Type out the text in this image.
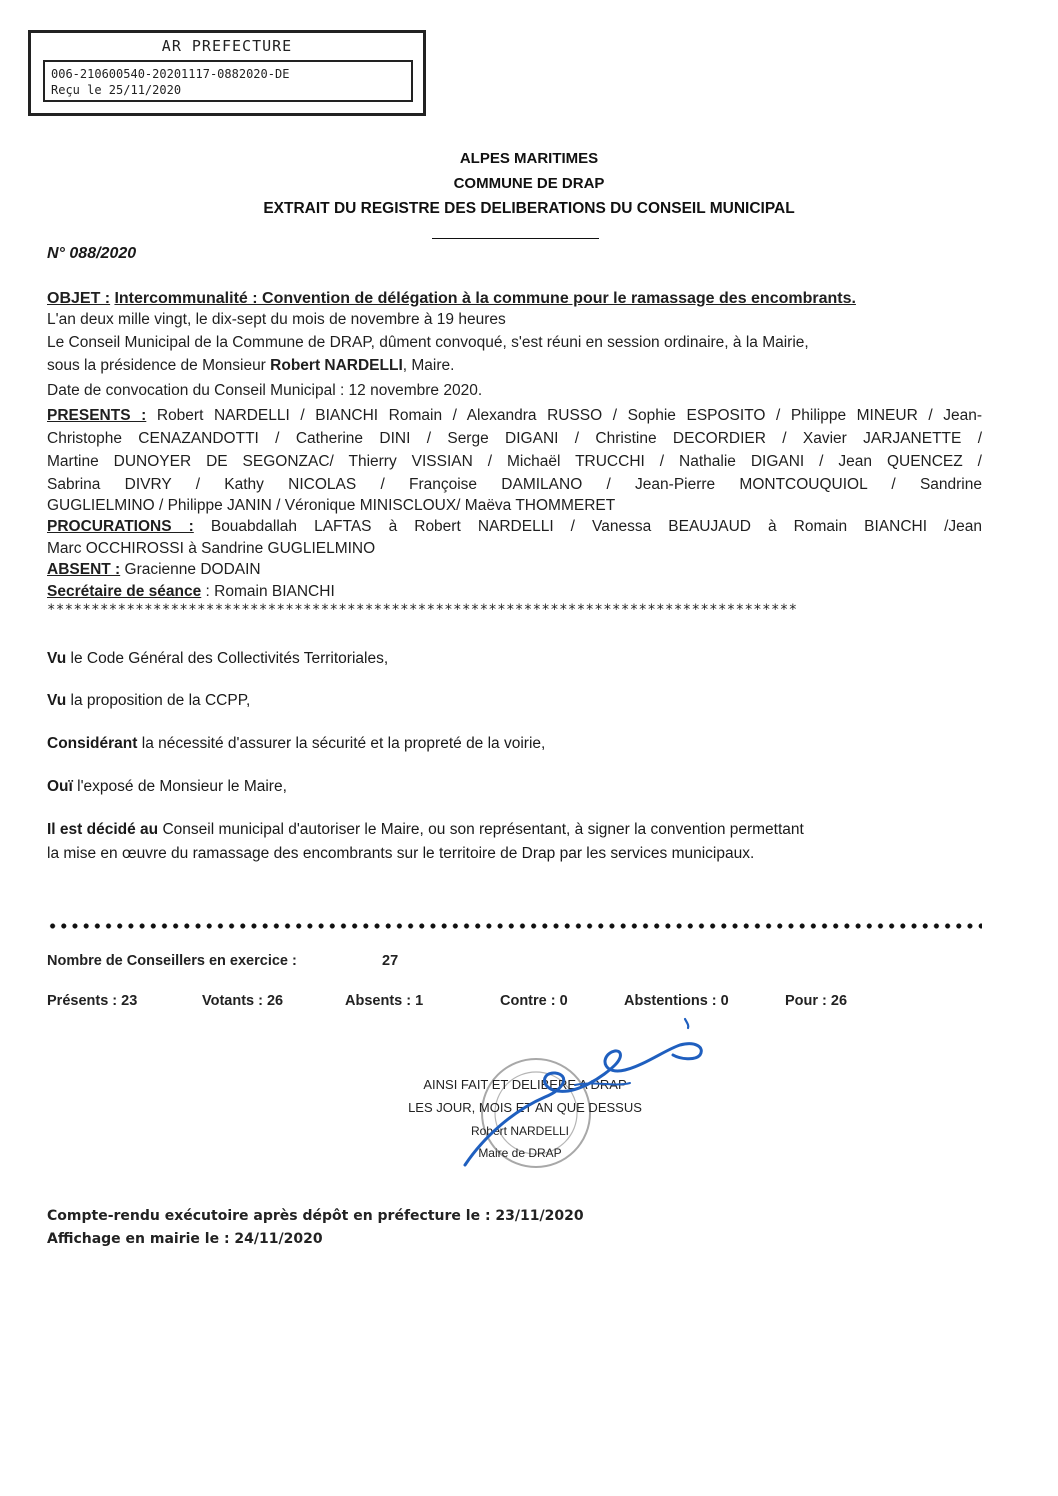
AR PREFECTURE
006-210600540-20201117-0882020-DE
Reçu le 25/11/2020
ALPES MARITIMES
COMMUNE DE DRAP
EXTRAIT DU REGISTRE DES DELIBERATIONS DU CONSEIL MUNICIPAL
N° 088/2020
OBJET : Intercommunalité : Convention de délégation à la commune pour le ramassage des encombrants.
L'an deux mille vingt, le dix-sept du mois de novembre à 19 heures
Le Conseil Municipal de la Commune de DRAP, dûment convoqué, s'est réuni en session ordinaire, à la Mairie,
sous la présidence de Monsieur Robert NARDELLI, Maire.
Date de convocation du Conseil Municipal : 12 novembre 2020.
PRESENTS : Robert NARDELLI / BIANCHI Romain / Alexandra RUSSO / Sophie ESPOSITO / Philippe MINEUR / Jean-
Christophe CENAZANDOTTI / Catherine DINI / Serge DIGANI / Christine DECORDIER / Xavier JARJANETTE /
Martine DUNOYER DE SEGONZAC/ Thierry VISSIAN / Michaël TRUCCHI / Nathalie DIGANI / Jean QUENCEZ /
Sabrina DIVRY / Kathy NICOLAS / Françoise DAMILANO / Jean-Pierre MONTCOUQUIOL / Sandrine
GUGLIELMINO / Philippe JANIN / Véronique MINISCLOUX/ Maëva THOMMERET
PROCURATIONS : Bouabdallah LAFTAS à Robert NARDELLI / Vanessa BEAUJAUD à Romain BIANCHI /Jean
Marc OCCHIROSSI à Sandrine GUGLIELMINO
ABSENT : Gracienne DODAIN
Secrétaire de séance : Romain BIANCHI
*************************************************************************************
Vu le Code Général des Collectivités Territoriales,
Vu la proposition de la CCPP,
Considérant la nécessité d'assurer la sécurité et la propreté de la voirie,
Ouï l'exposé de Monsieur le Maire,
Il est décidé au Conseil municipal d'autoriser le Maire, ou son représentant, à signer la convention permettant
la mise en œuvre du ramassage des encombrants sur le territoire de Drap par les services municipaux.
Nombre de Conseillers en exercice :	27
Présents : 23	Votants : 26	Absents : 1	Contre : 0	Abstentions : 0	Pour : 26
AINSI FAIT ET DELIBERE A DRAP
LES JOUR, MOIS ET AN QUE DESSUS
Robert NARDELLI
Maire de DRAP
Compte-rendu exécutoire après dépôt en préfecture le : 23/11/2020
Affichage en mairie le : 24/11/2020
